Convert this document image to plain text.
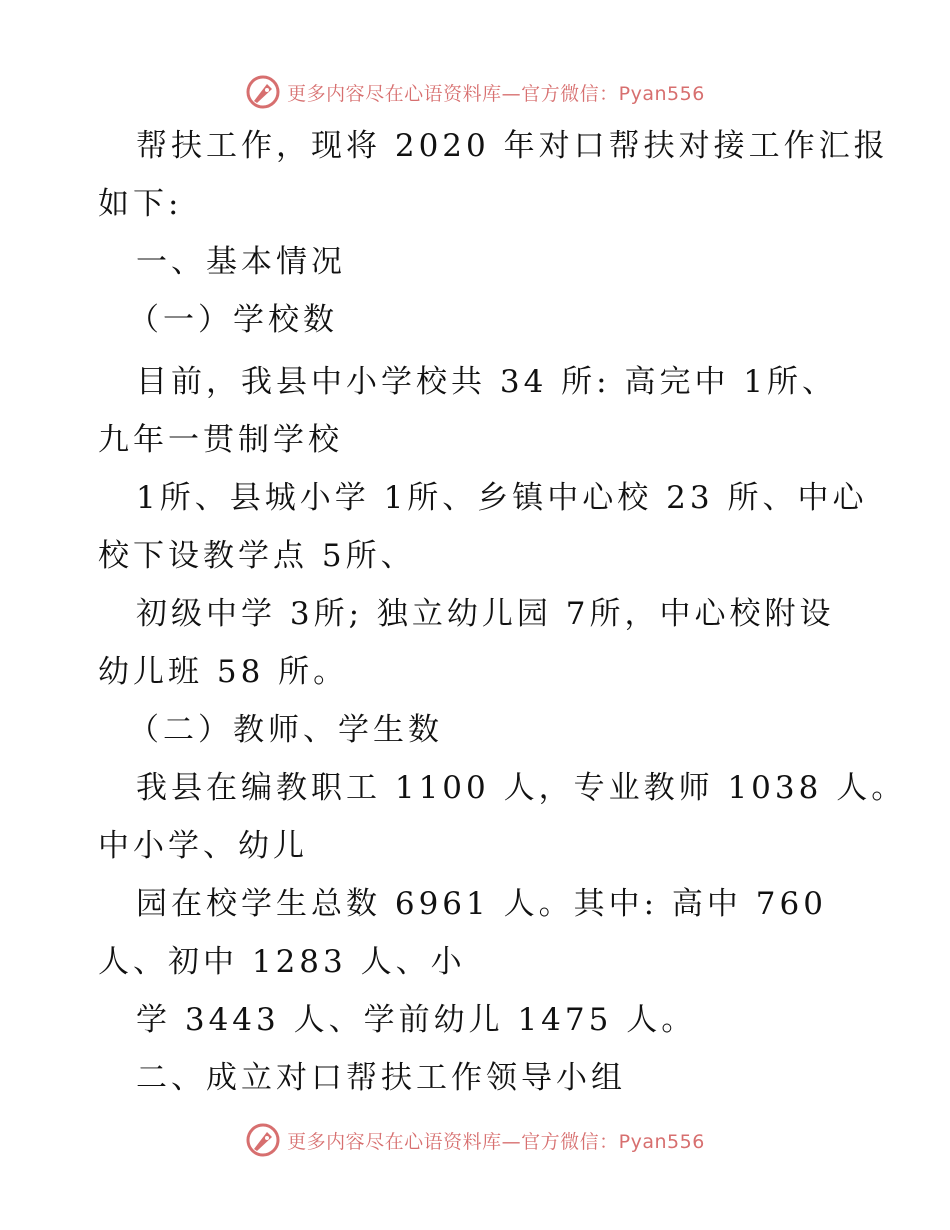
更多内容尽在心语资料库—官方微信：Pyan556
帮扶工作，现将 2020 年对口帮扶对接工作汇报
如下:
一、基本情况
（一）学校数
目前，我县中小学校共 34 所: 高完中 1所、
九年一贯制学校
1所、县城小学 1所、乡镇中心校 23 所、中心
校下设教学点 5所、
初级中学 3所; 独立幼儿园 7所，中心校附设
幼儿班 58 所。
（二）教师、学生数
我县在编教职工 1100 人，专业教师 1038 人。
中小学、幼儿
园在校学生总数 6961 人。其中: 高中 760
人、初中 1283 人、小
学 3443 人、学前幼儿 1475 人。
二、成立对口帮扶工作领导小组
更多内容尽在心语资料库—官方微信：Pyan556
